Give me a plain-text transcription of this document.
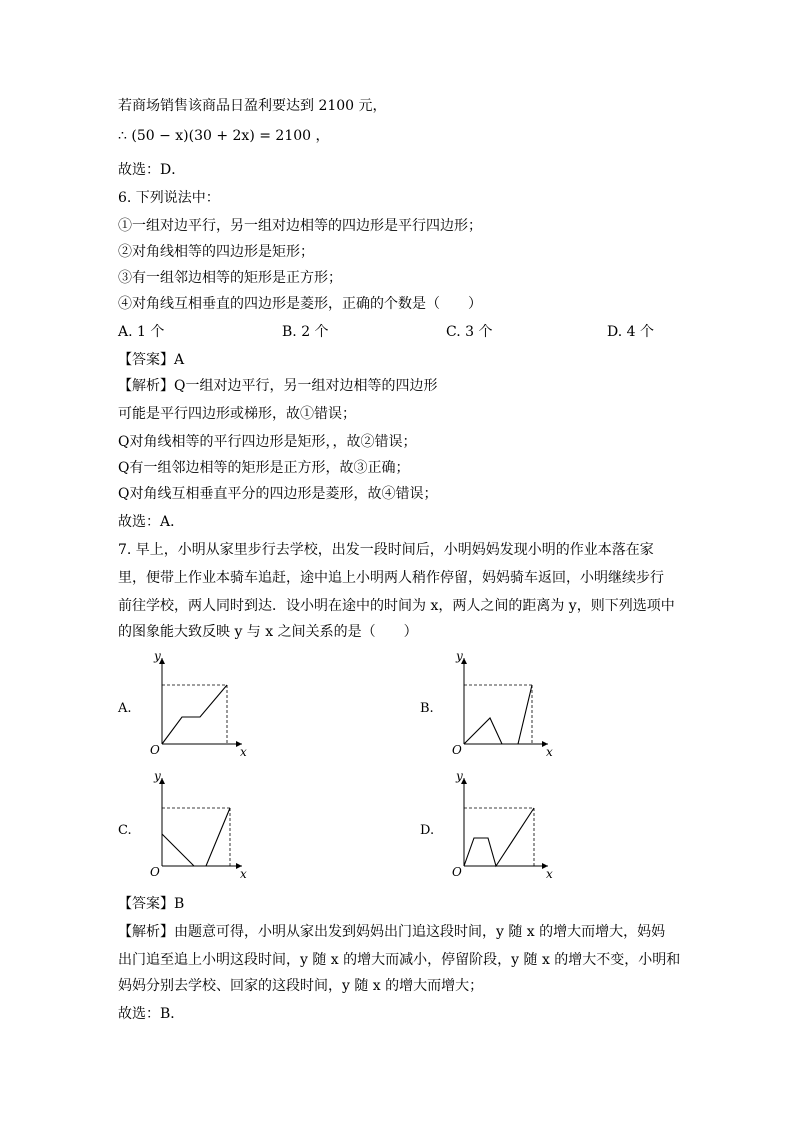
若商场销售该商品日盈利要达到 2100 元，
∴ (50 − x)(30 + 2x) = 2100 ，
故选：D．
6. 下列说法中：
①一组对边平行，另一组对边相等的四边形是平行四边形；
②对角线相等的四边形是矩形；
③有一组邻边相等的矩形是正方形；
④对角线互相垂直的四边形是菱形，正确的个数是（　　）
A. 1 个	B. 2 个	C. 3 个	D. 4 个
【答案】A
【解析】Q一组对边平行，另一组对边相等的四边形
可能是平行四边形或梯形，故①错误；
Q对角线相等的平行四边形是矩形，，故②错误；
Q有一组邻边相等的矩形是正方形，故③正确；
Q对角线互相垂直平分的四边形是菱形，故④错误；
故选：A．
7. 早上，小明从家里步行去学校，出发一段时间后，小明妈妈发现小明的作业本落在家
里，便带上作业本骑车追赶，途中追上小明两人稍作停留，妈妈骑车返回，小明继续步行
前往学校，两人同时到达．设小明在途中的时间为 x，两人之间的距离为 y，则下列选项中
的图象能大致反映 y 与 x 之间关系的是（　　）
A.
y
x
O
B.
y
x
O
C.
y
x
O
D.
y
x
O
【答案】B
【解析】由题意可得，小明从家出发到妈妈出门追这段时间，y 随 x 的增大而增大，妈妈
出门追至追上小明这段时间，y 随 x 的增大而减小，停留阶段，y 随 x 的增大不变，小明和
妈妈分别去学校、回家的这段时间，y 随 x 的增大而增大；
故选：B．
